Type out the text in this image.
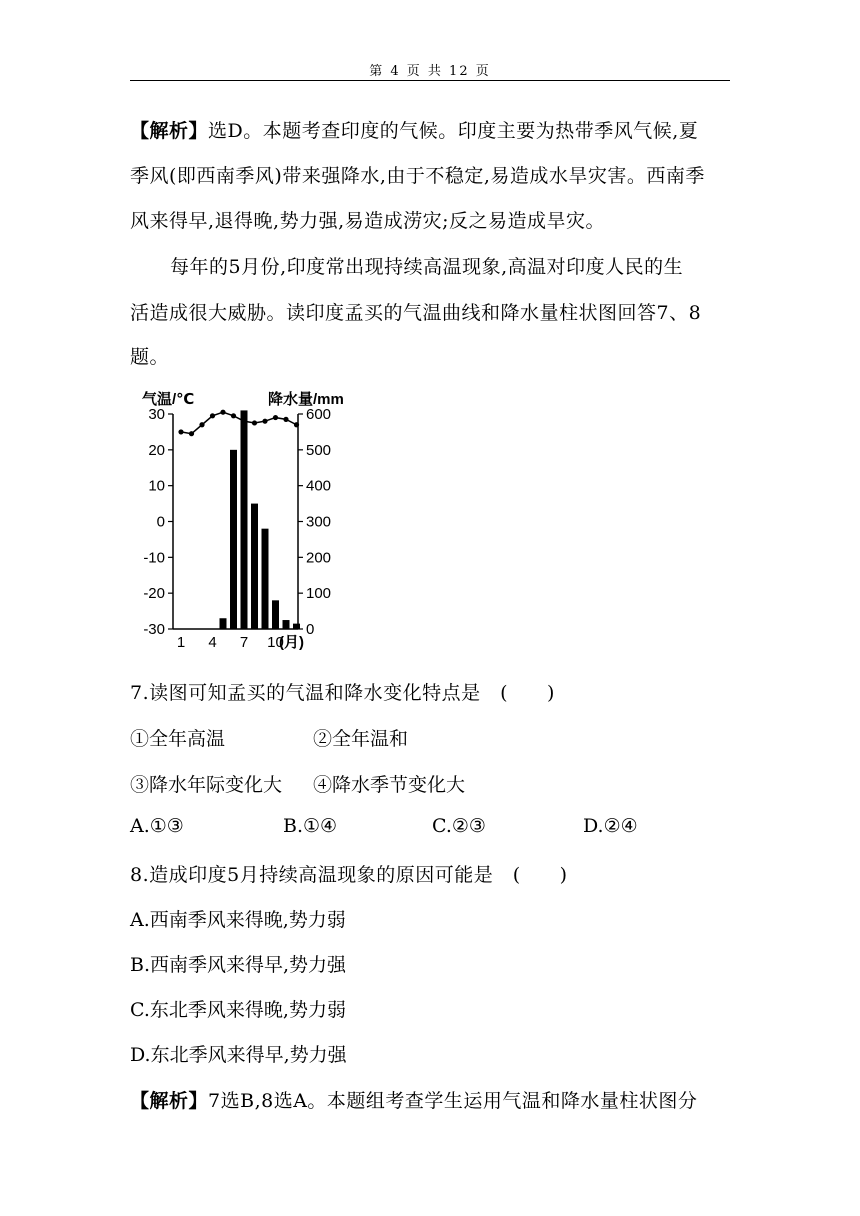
第 4 页 共 12 页
【解析】选D。本题考查印度的气候。印度主要为热带季风气候,夏
季风(即西南季风)带来强降水,由于不稳定,易造成水旱灾害。西南季
风来得早,退得晚,势力强,易造成涝灾;反之易造成旱灾。
每年的5月份,印度常出现持续高温现象,高温对印度人民的生
活造成很大威胁。读印度孟买的气温曲线和降水量柱状图回答7、8
题。
气温/℃	降水量/mm
30
20
10
0
-10
-20
-30
600
500
400
300
200
100
0
1 4 7 10
(月)
7.读图可知孟买的气温和降水变化特点是　(　　)
①全年高温	②全年温和
③降水年际变化大 ④降水季节变化大
A.①③	B.①④	C.②③	D.②④
8.造成印度5月持续高温现象的原因可能是　(　　)
A.西南季风来得晚,势力弱
B.西南季风来得早,势力强
C.东北季风来得晚,势力弱
D.东北季风来得早,势力强
【解析】7选B,8选A。本题组考查学生运用气温和降水量柱状图分
